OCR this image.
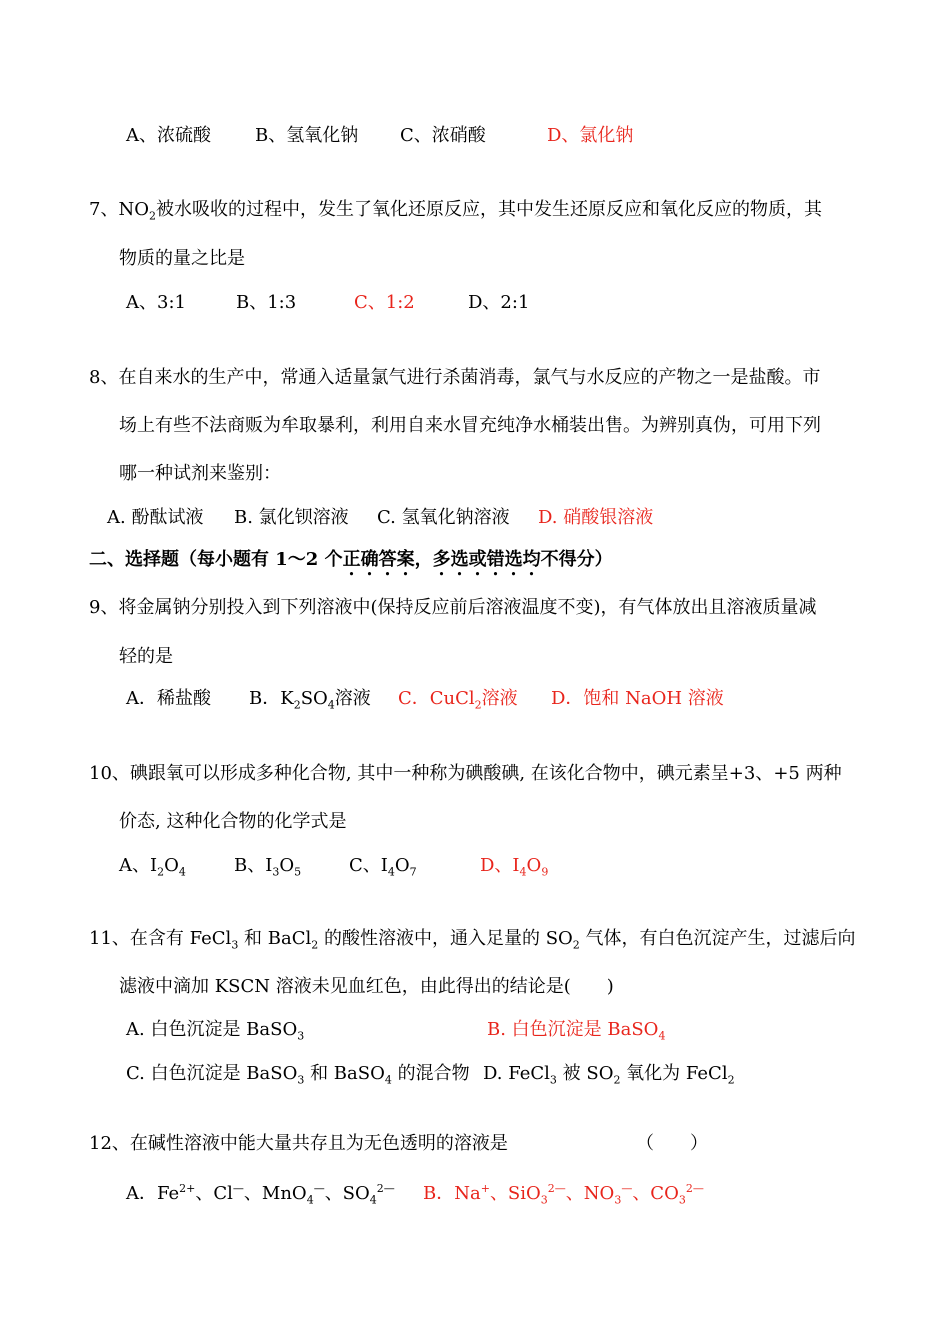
A、浓硫酸 B、氢氧化钠 C、浓硝酸	D、氯化钠
7、$NO_2$被水吸收的过程中，发生了氧化还原反应，其中发生还原反应和氧化反应的物质，其
物质的量之比是
A、3:1	B、1:3	C、1:2	D、2:1
8、在自来水的生产中，常通入适量氯气进行杀菌消毒，氯气与水反应的产物之一是盐酸。市
场上有些不法商贩为牟取暴利，利用自来水冒充纯净水桶装出售。为辨别真伪，可用下列
哪一种试剂来鉴别：
A. 酚酞试液 B. 氯化钡溶液 C. 氢氧化钠溶液 D. 硝酸银溶液
二、选择题（每小题有 1～2 个正确答案，多选或错选均不得分）
9、将金属钠分别投入到下列溶液中(保持反应前后溶液温度不变)，有气体放出且溶液质量减
轻的是
A．稀盐酸 B．$K_2SO_4$溶液 C．CuCl$_2$溶液 D．饱和 NaOH 溶液
10、碘跟氧可以形成多种化合物, 其中一种称为碘酸碘, 在该化合物中，碘元素呈+3、+5 两种
价态, 这种化合物的化学式是
A、$I_2O_4$	B、$I_3O_5$	C、$I_4O_7$	D、$I_4O_9$
11、在含有 FeCl$_3$ 和 BaCl$_2$ 的酸性溶液中，通入足量的 $SO_2$ 气体，有白色沉淀产生，过滤后向
滤液中滴加 KSCN 溶液未见血红色，由此得出的结论是(　　)
A. 白色沉淀是 BaSO$_3$	B. 白色沉淀是 BaSO$_4$
C. 白色沉淀是 BaSO$_3$ 和 BaSO$_4$ 的混合物 D. FeCl$_3$ 被 $SO_2$ 氧化为 FeCl$_2$
12、在碱性溶液中能大量共存且为无色透明的溶液是	（　　）
A．$Fe^{2+}$、Cl—、MnO$_4$—、$SO_4^{2—}$ B．Na+、SiO$_3^{2—}$、$NO_3^—$、$CO_3^{2—}$
